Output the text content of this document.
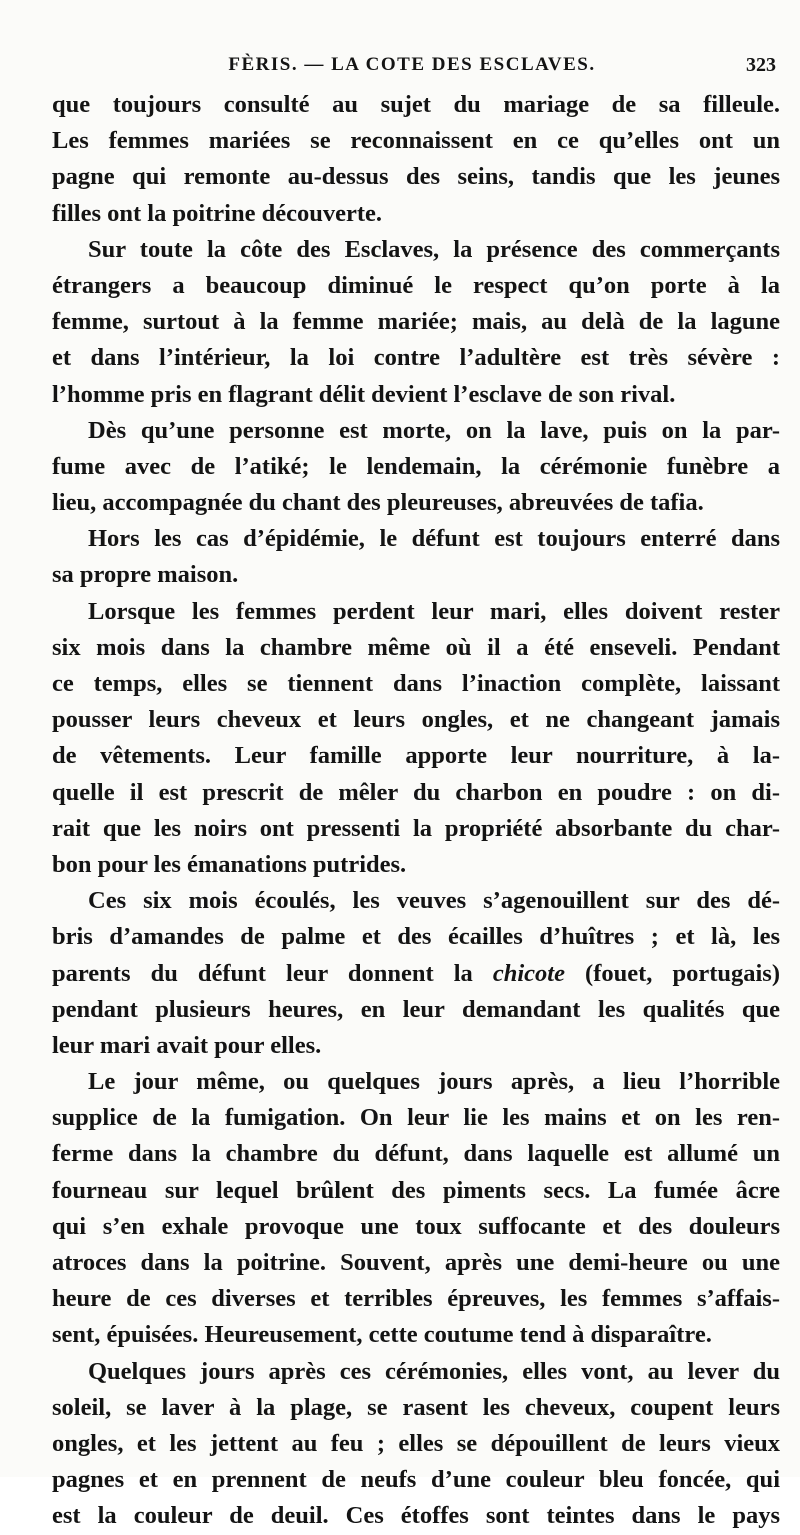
FÈRIS. — LA COTE DES ESCLAVES.	323
que toujours consulté au sujet du mariage de sa filleule.
Les femmes mariées se reconnaissent en ce qu’elles ont un
pagne qui remonte au-dessus des seins, tandis que les jeunes
filles ont la poitrine découverte.
Sur toute la côte des Esclaves, la présence des commerçants
étrangers a beaucoup diminué le respect qu’on porte à la
femme, surtout à la femme mariée; mais, au delà de la lagune
et dans l’intérieur, la loi contre l’adultère est très sévère :
l’homme pris en flagrant délit devient l’esclave de son rival.
Dès qu’une personne est morte, on la lave, puis on la par-
fume avec de l’atiké; le lendemain, la cérémonie funèbre a
lieu, accompagnée du chant des pleureuses, abreuvées de tafia.
Hors les cas d’épidémie, le défunt est toujours enterré dans
sa propre maison.
Lorsque les femmes perdent leur mari, elles doivent rester
six mois dans la chambre même où il a été enseveli. Pendant
ce temps, elles se tiennent dans l’inaction complète, laissant
pousser leurs cheveux et leurs ongles, et ne changeant jamais
de vêtements. Leur famille apporte leur nourriture, à la-
quelle il est prescrit de mêler du charbon en poudre : on di-
rait que les noirs ont pressenti la propriété absorbante du char-
bon pour les émanations putrides.
Ces six mois écoulés, les veuves s’agenouillent sur des dé-
bris d’amandes de palme et des écailles d’huîtres ; et là, les
parents du défunt leur donnent la chicote (fouet, portugais)
pendant plusieurs heures, en leur demandant les qualités que
leur mari avait pour elles.
Le jour même, ou quelques jours après, a lieu l’horrible
supplice de la fumigation. On leur lie les mains et on les ren-
ferme dans la chambre du défunt, dans laquelle est allumé un
fourneau sur lequel brûlent des piments secs. La fumée âcre
qui s’en exhale provoque une toux suffocante et des douleurs
atroces dans la poitrine. Souvent, après une demi-heure ou une
heure de ces diverses et terribles épreuves, les femmes s’affais-
sent, épuisées. Heureusement, cette coutume tend à disparaître.
Quelques jours après ces cérémonies, elles vont, au lever du
soleil, se laver à la plage, se rasent les cheveux, coupent leurs
ongles, et les jettent au feu ; elles se dépouillent de leurs vieux
pagnes et en prennent de neufs d’une couleur bleu foncée, qui
est la couleur de deuil. Ces étoffes sont teintes dans le pays
